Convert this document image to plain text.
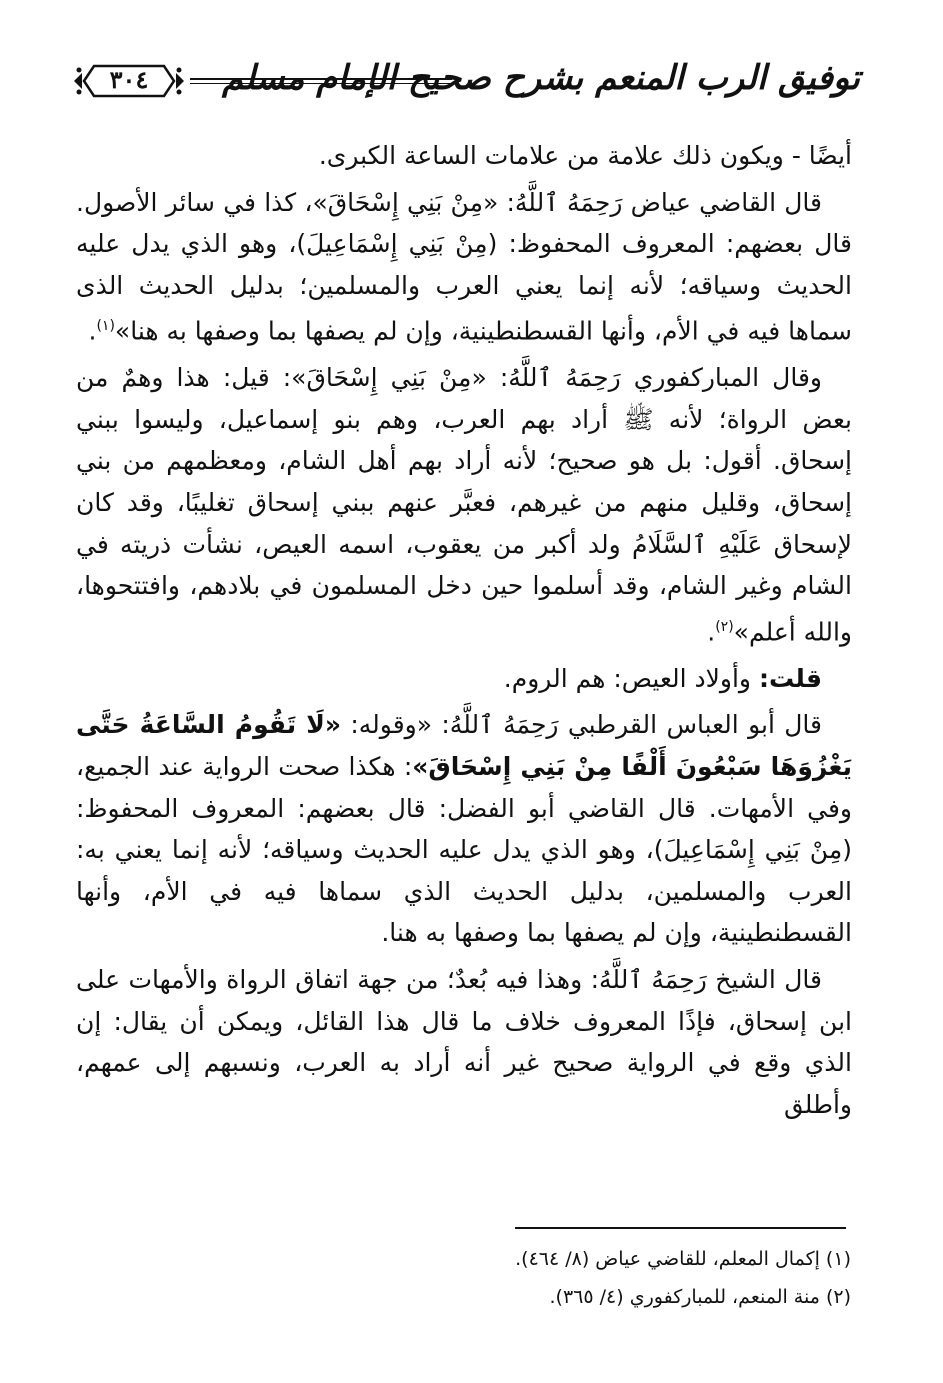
٣٠٤	توفيق الرب المنعم بشرح صحيح الإمام مسلم

أيضًا - ويكون ذلك علامة من علامات الساعة الكبرى.

قال القاضي عياض رَحِمَهُ ٱللَّهُ: «مِنْ بَنِي إِسْحَاقَ»، كذا في سائر الأصول. قال بعضهم: المعروف المحفوظ: (مِنْ بَنِي إِسْمَاعِيلَ)، وهو الذي يدل عليه الحديث وسياقه؛ لأنه إنما يعني العرب والمسلمين؛ بدليل الحديث الذى سماها فيه في الأم، وأنها القسطنطينية، وإن لم يصفها بما وصفها به هنا»$^{(١)}$.

وقال المباركفوري رَحِمَهُ ٱللَّهُ: «مِنْ بَنِي إِسْحَاقَ»: قيل: هذا وهمٌ من بعض الرواة؛ لأنه ﷺ أراد بهم العرب، وهم بنو إسماعيل، وليسوا ببني إسحاق. أقول: بل هو صحيح؛ لأنه أراد بهم أهل الشام، ومعظمهم من بني إسحاق، وقليل منهم من غيرهم، فعبَّر عنهم ببني إسحاق تغليبًا، وقد كان لإسحاق عَلَيْهِ ٱلسَّلَامُ ولد أكبر من يعقوب، اسمه العيص، نشأت ذريته في الشام وغير الشام، وقد أسلموا حين دخل المسلمون في بلادهم، وافتتحوها، والله أعلم»$^{(٢)}$.

قلت: وأولاد العيص: هم الروم.

قال أبو العباس القرطبي رَحِمَهُ ٱللَّهُ: «وقوله: «لَا تَقُومُ السَّاعَةُ حَتَّى يَغْزُوَهَا سَبْعُونَ أَلْفًا مِنْ بَنِي إِسْحَاقَ»: هكذا صحت الرواية عند الجميع، وفي الأمهات. قال القاضي أبو الفضل: قال بعضهم: المعروف المحفوظ: (مِنْ بَنِي إِسْمَاعِيلَ)، وهو الذي يدل عليه الحديث وسياقه؛ لأنه إنما يعني به: العرب والمسلمين، بدليل الحديث الذي سماها فيه في الأم، وأنها القسطنطينية، وإن لم يصفها بما وصفها به هنا.

قال الشيخ رَحِمَهُ ٱللَّهُ: وهذا فيه بُعدٌ؛ من جهة اتفاق الرواة والأمهات على ابن إسحاق، فإذًا المعروف خلاف ما قال هذا القائل، ويمكن أن يقال: إن الذي وقع في الرواية صحيح غير أنه أراد به العرب، ونسبهم إلى عمهم، وأطلق

(١) إكمال المعلم، للقاضي عياض (٨/ ٤٦٤).
(٢) منة المنعم، للمباركفوري (٤/ ٣٦٥).
